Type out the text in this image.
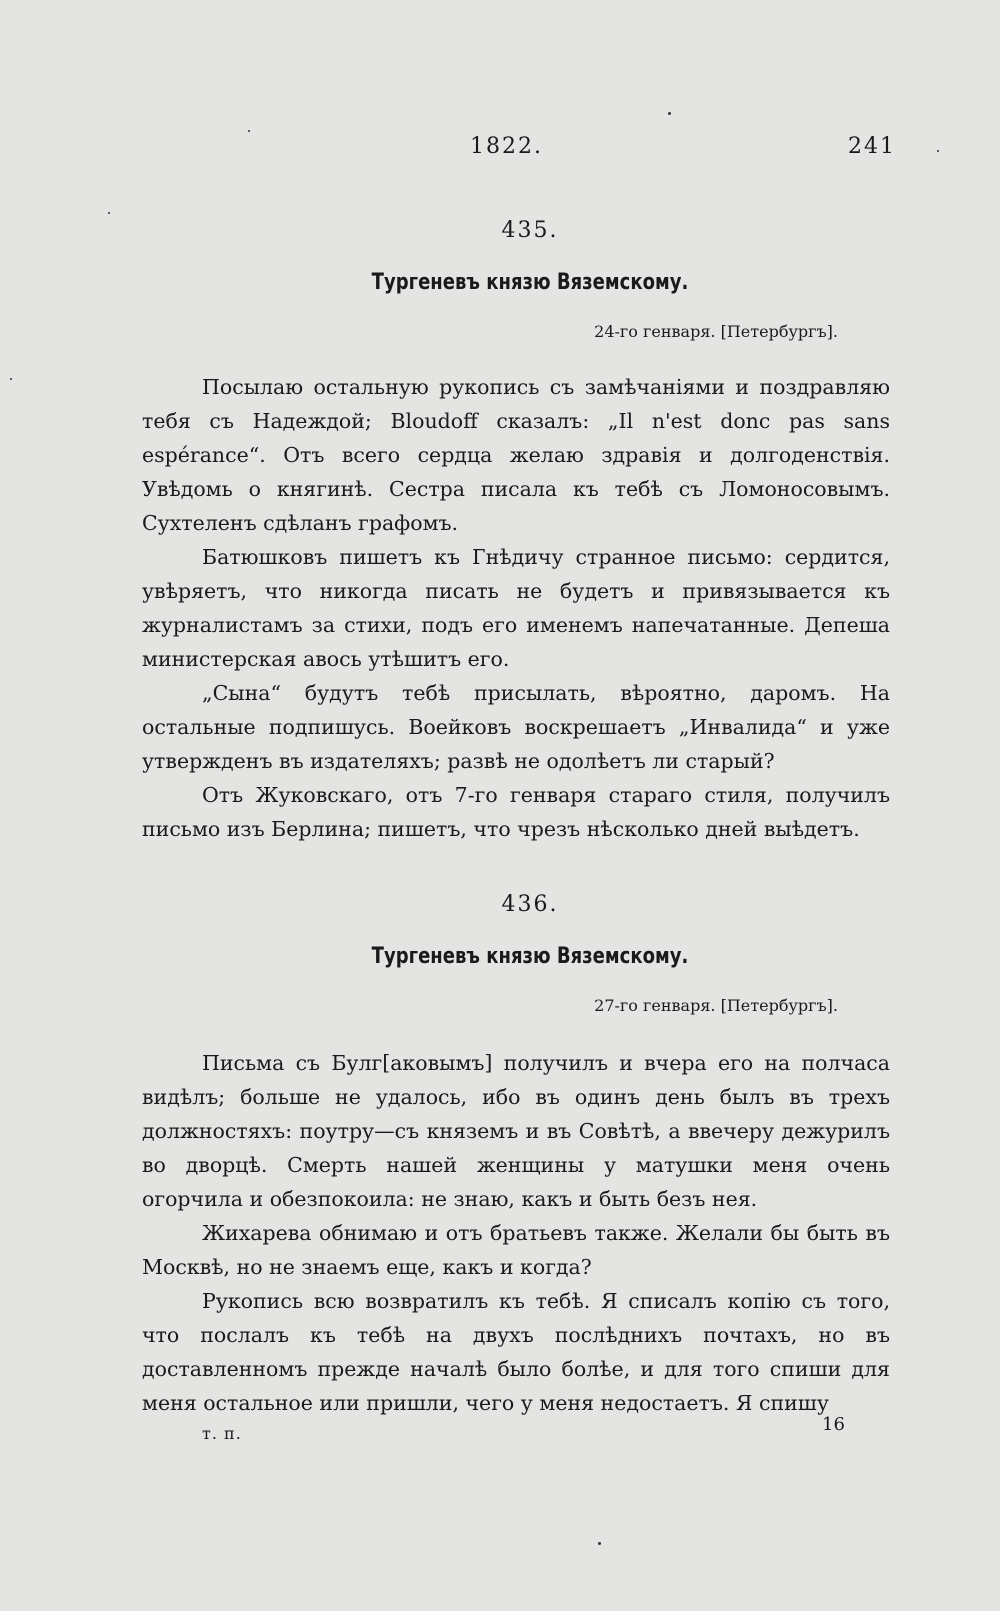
1822.	241
435.
Тургеневъ князю Вяземскому.
24-го генваря. [Петербургъ].

Посылаю остальную рукопись съ замѣчаніями и поздравляю тебя съ Надеждой; Bloudoff сказалъ: „Il n'est donc pas sans espérance“. Отъ всего сердца желаю здравія и долгоденствія. Увѣдомь о княгинѣ. Сестра писала къ тебѣ съ Ломоносовымъ. Сухтеленъ сдѣланъ графомъ.

Батюшковъ пишетъ къ Гнѣдичу странное письмо: сердится, увѣряетъ, что никогда писать не будетъ и привязывается къ журналистамъ за стихи, подъ его именемъ напечатанные. Депеша министерская авось утѣшитъ его.

„Сына“ будутъ тебѣ присылать, вѣроятно, даромъ. На остальные подпишусь. Воейковъ воскрешаетъ „Инвалида“ и уже утвержденъ въ издателяхъ; развѣ не одолѣетъ ли старый?

Отъ Жуковскаго, отъ 7-го генваря стараго стиля, получилъ письмо изъ Берлина; пишетъ, что чрезъ нѣсколько дней выѣдетъ.

436.
Тургеневъ князю Вяземскому.
27-го генваря. [Петербургъ].

Письма съ Булг[аковымъ] получилъ и вчера его на полчаса видѣлъ; больше не удалось, ибо въ одинъ день былъ въ трехъ должностяхъ: поутру—съ княземъ и въ Совѣтѣ, а ввечеру дежурилъ во дворцѣ. Смерть нашей женщины у матушки меня очень огорчила и обезпокоила: не знаю, какъ и быть безъ нея.

Жихарева обнимаю и отъ братьевъ также. Желали бы быть въ Москвѣ, но не знаемъ еще, какъ и когда?

Рукопись всю возвратилъ къ тебѣ. Я списалъ копію съ того, что послалъ къ тебѣ на двухъ послѣднихъ почтахъ, но въ доставленномъ прежде началѣ было болѣе, и для того спиши для меня остальное или пришли, чего у меня недостаетъ. Я спишу

т. п.	16
